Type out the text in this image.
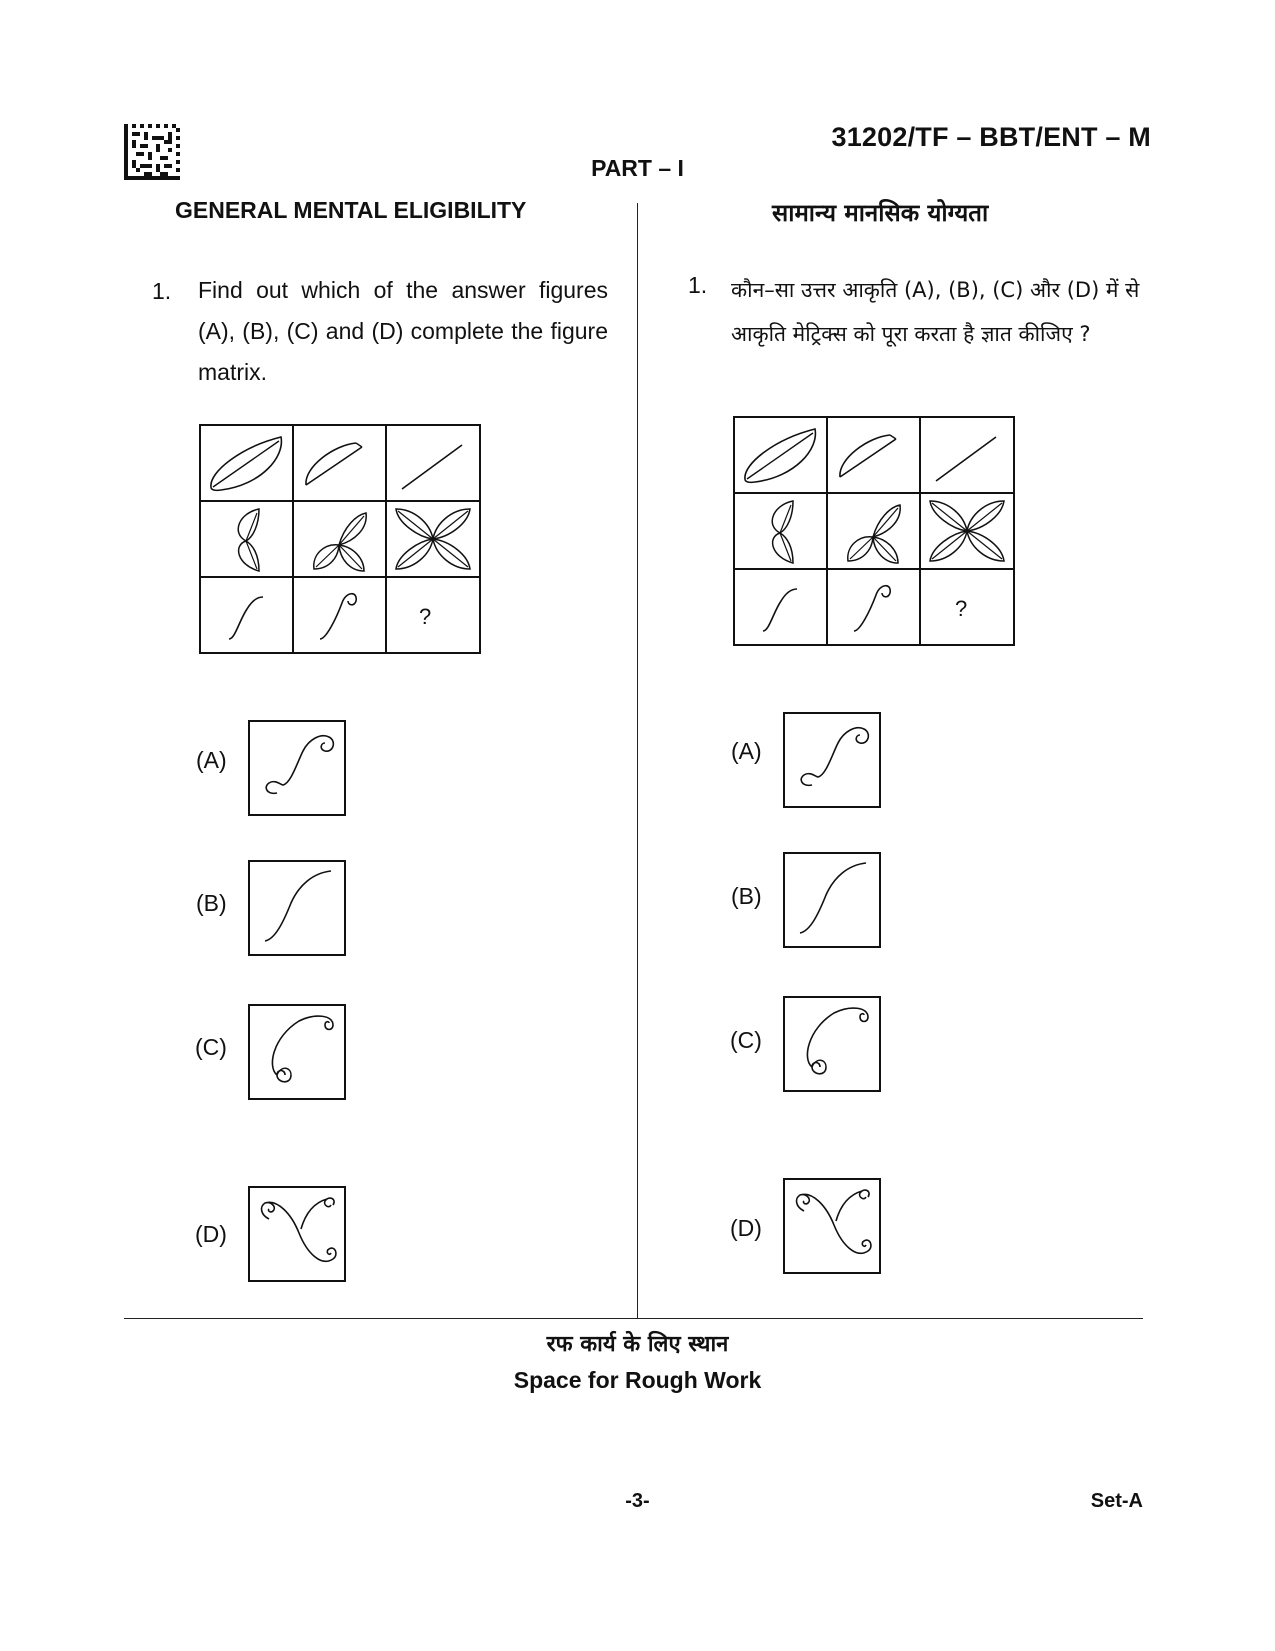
31202/TF – BBT/ENT – M
PART – I
GENERAL MENTAL ELIGIBILITY	सामान्य मानसिक योग्यता
1. Find out which of the answer figures (A), (B), (C) and (D) complete the figure matrix.
?
(A)
(B)
(C)
(D)
1. कौन–सा उत्तर आकृति (A), (B), (C) और (D) में से आकृति मेट्रिक्स को पूरा करता है ज्ञात कीजिए ?
?
(A)
(B)
(C)
(D)
रफ कार्य के लिए स्थान
Space for Rough Work
-3-	Set-A
